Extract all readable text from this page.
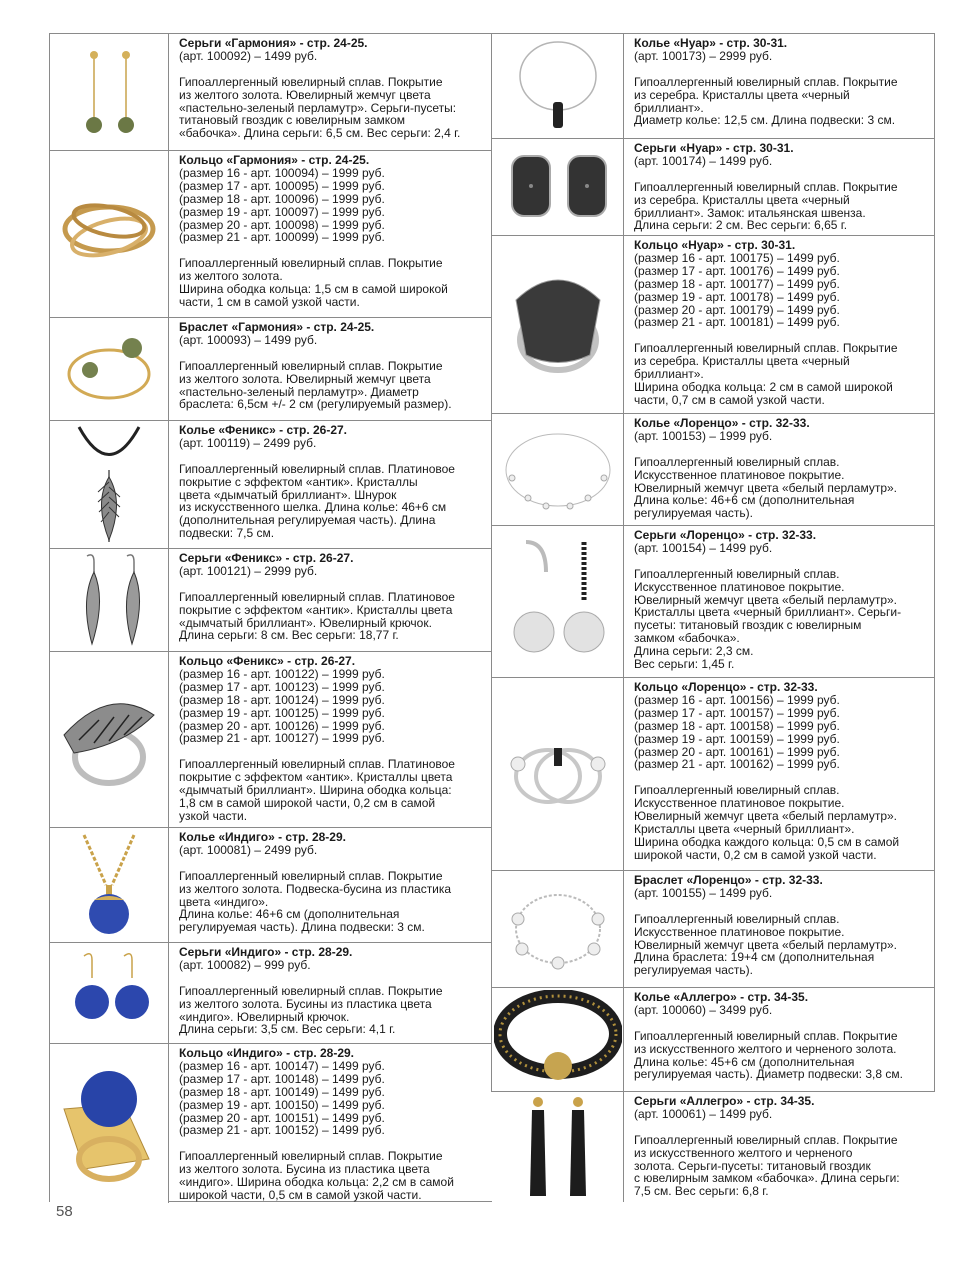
Серьги «Гармония» - стр. 24-25.
(арт. 100092) – 1499 руб.
Гипоаллергенный ювелирный сплав. Покрытие
из желтого золота. Ювелирный жемчуг цвета
«пастельно-зеленый перламутр». Серьги-пусеты:
титановый гвоздик с ювелирным замком
«бабочка». Длина серьги: 6,5 см. Вес серьги: 2,4 г.
Кольцо «Гармония» - стр. 24-25.
(размер 16 - арт. 100094) – 1999 руб.
(размер 17 - арт. 100095) – 1999 руб.
(размер 18 - арт. 100096) – 1999 руб.
(размер 19 - арт. 100097) – 1999 руб.
(размер 20 - арт. 100098) – 1999 руб.
(размер 21 - арт. 100099) – 1999 руб.
Гипоаллергенный ювелирный сплав. Покрытие
из желтого золота.
Ширина ободка кольца: 1,5 см в самой широкой
части, 1 см в самой узкой части.
Браслет «Гармония» - стр. 24-25.
(арт. 100093) – 1499 руб.
Гипоаллергенный ювелирный сплав. Покрытие
из желтого золота. Ювелирный жемчуг цвета
«пастельно-зеленый перламутр». Диаметр
браслета: 6,5см +/- 2 см (регулируемый размер).
Колье «Феникс» - стр. 26-27.
(арт. 100119) – 2499 руб.
Гипоаллергенный ювелирный сплав. Платиновое
покрытие с эффектом «антик». Кристаллы
цвета «дымчатый бриллиант». Шнурок
из искусственного шелка. Длина колье: 46+6 см
(дополнительная регулируемая часть). Длина
подвески: 7,5 см.
Серьги «Феникс» - стр. 26-27.
(арт. 100121) – 2999 руб.
Гипоаллергенный ювелирный сплав. Платиновое
покрытие с эффектом «антик». Кристаллы цвета
«дымчатый бриллиант». Ювелирный крючок.
Длина серьги: 8 см. Вес серьги: 18,77 г.
Кольцо «Феникс» - стр. 26-27.
(размер 16 - арт. 100122) – 1999 руб.
(размер 17 - арт. 100123) – 1999 руб.
(размер 18 - арт. 100124) – 1999 руб.
(размер 19 - арт. 100125) – 1999 руб.
(размер 20 - арт. 100126) – 1999 руб.
(размер 21 - арт. 100127) – 1999 руб.
Гипоаллергенный ювелирный сплав. Платиновое
покрытие с эффектом «антик». Кристаллы цвета
«дымчатый бриллиант». Ширина ободка кольца:
1,8 см в самой широкой части, 0,2 см в самой
узкой части.
Колье «Индиго» - стр. 28-29.
(арт. 100081) – 2499 руб.
Гипоаллергенный ювелирный сплав. Покрытие
из желтого золота. Подвеска-бусина из пластика
цвета «индиго».
Длина колье: 46+6 см (дополнительная
регулируемая часть). Длина подвески: 3 см.
Серьги «Индиго» - стр. 28-29.
(арт. 100082) – 999 руб.
Гипоаллергенный ювелирный сплав. Покрытие
из желтого золота. Бусины из пластика цвета
«индиго». Ювелирный крючок.
Длина серьги: 3,5 см. Вес серьги: 4,1 г.
Кольцо «Индиго» - стр. 28-29.
(размер 16 - арт. 100147) – 1499 руб.
(размер 17 - арт. 100148) – 1499 руб.
(размер 18 - арт. 100149) – 1499 руб.
(размер 19 - арт. 100150) – 1499 руб.
(размер 20 - арт. 100151) – 1499 руб.
(размер 21 - арт. 100152) – 1499 руб.
Гипоаллергенный ювелирный сплав. Покрытие
из желтого золота. Бусина из пластика цвета
«индиго». Ширина ободка кольца: 2,2 см в самой
широкой части, 0,5 см в самой узкой части.
Колье «Нуар» - стр. 30-31.
(арт. 100173) – 2999 руб.
Гипоаллергенный ювелирный сплав. Покрытие
из серебра. Кристаллы цвета «черный
бриллиант».
Диаметр колье: 12,5 см. Длина подвески: 3 см.
Серьги «Нуар» - стр. 30-31.
(арт. 100174) – 1499 руб.
Гипоаллергенный ювелирный сплав. Покрытие
из серебра. Кристаллы цвета «черный
бриллиант». Замок: итальянская швенза.
Длина серьги: 2 см. Вес серьги: 6,65 г.
Кольцо «Нуар» - стр. 30-31.
(размер 16 - арт. 100175) – 1499 руб.
(размер 17 - арт. 100176) – 1499 руб.
(размер 18 - арт. 100177) – 1499 руб.
(размер 19 - арт. 100178) – 1499 руб.
(размер 20 - арт. 100179) – 1499 руб.
(размер 21 - арт. 100181) – 1499 руб.
Гипоаллергенный ювелирный сплав. Покрытие
из серебра. Кристаллы цвета «черный
бриллиант».
Ширина ободка кольца: 2 см в самой широкой
части, 0,7 см в самой узкой части.
Колье «Лоренцо» - стр. 32-33.
(арт. 100153) – 1999 руб.
Гипоаллергенный ювелирный сплав.
Искусственное платиновое покрытие.
Ювелирный жемчуг цвета «белый перламутр».
Длина колье: 46+6 см (дополнительная
регулируемая часть).
Серьги «Лоренцо» - стр. 32-33.
(арт. 100154) – 1499 руб.
Гипоаллергенный ювелирный сплав.
Искусственное платиновое покрытие.
Ювелирный жемчуг цвета «белый перламутр».
Кристаллы цвета «черный бриллиант». Серьги-
пусеты: титановый гвоздик с ювелирным
замком «бабочка».
Длина серьги: 2,3 см.
Вес серьги: 1,45 г.
Кольцо «Лоренцо» - стр. 32-33.
(размер 16 - арт. 100156) – 1999 руб.
(размер 17 - арт. 100157) – 1999 руб.
(размер 18 - арт. 100158) – 1999 руб.
(размер 19 - арт. 100159) – 1999 руб.
(размер 20 - арт. 100161) – 1999 руб.
(размер 21 - арт. 100162) – 1999 руб.
Гипоаллергенный ювелирный сплав.
Искусственное платиновое покрытие.
Ювелирный жемчуг цвета «белый перламутр».
Кристаллы цвета «черный бриллиант».
Ширина ободка каждого кольца: 0,5 см в самой
широкой части, 0,2 см в самой узкой части.
Браслет «Лоренцо» - стр. 32-33.
(арт. 100155) – 1499 руб.
Гипоаллергенный ювелирный сплав.
Искусственное платиновое покрытие.
Ювелирный жемчуг цвета «белый перламутр».
Длина браслета: 19+4 см (дополнительная
регулируемая часть).
Колье «Аллегро» - стр. 34-35.
(арт. 100060) – 3499 руб.
Гипоаллергенный ювелирный сплав. Покрытие
из искусственного желтого и черненого золота.
Длина колье: 45+6 см (дополнительная
регулируемая часть). Диаметр подвески: 3,8 см.
Серьги «Аллегро» - стр. 34-35.
(арт. 100061) – 1499 руб.
Гипоаллергенный ювелирный сплав. Покрытие
из искусственного желтого и черненого
золота. Серьги-пусеты: титановый гвоздик
с ювелирным замком «бабочка». Длина серьги:
7,5 см. Вес серьги: 6,8 г.
58
